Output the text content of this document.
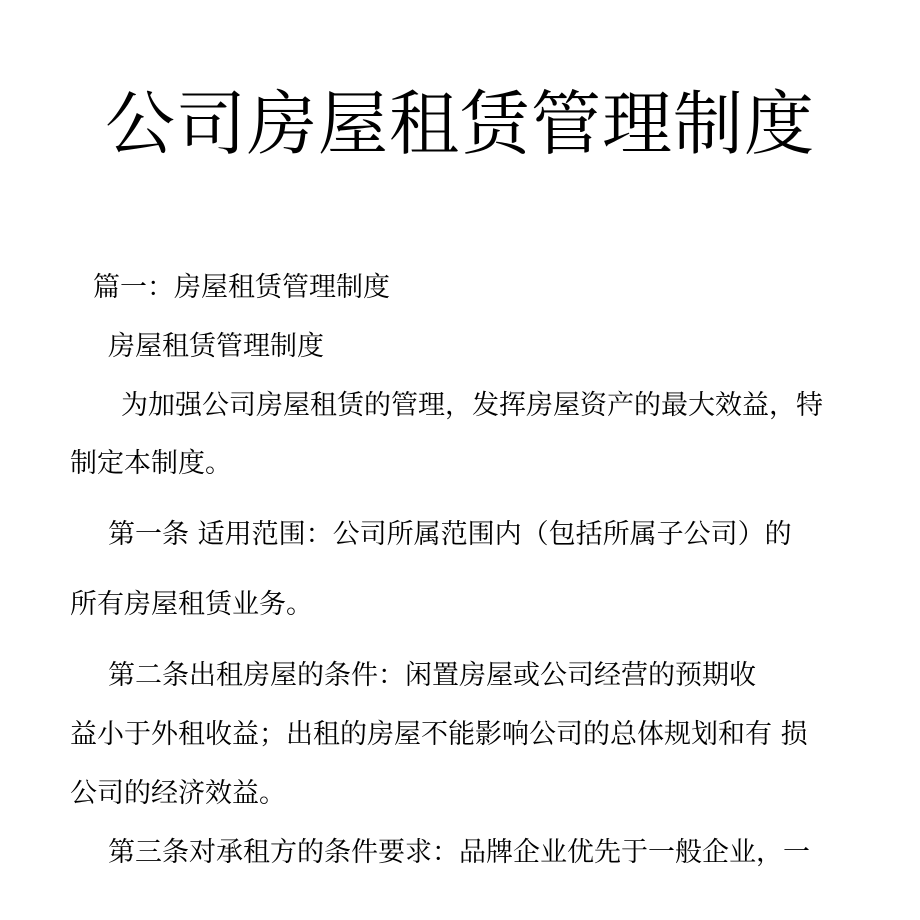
公司房屋租赁管理制度

篇一：房屋租赁管理制度

房屋租赁管理制度

为加强公司房屋租赁的管理，发挥房屋资产的最大效益，特

制定本制度。

第一条 适用范围：公司所属范围内（包括所属子公司）的

所有房屋租赁业务。

第二条出租房屋的条件：闲置房屋或公司经营的预期收

益小于外租收益；出租的房屋不能影响公司的总体规划和有 损

公司的经济效益。

第三条对承租方的条件要求：品牌企业优先于一般企业，一
